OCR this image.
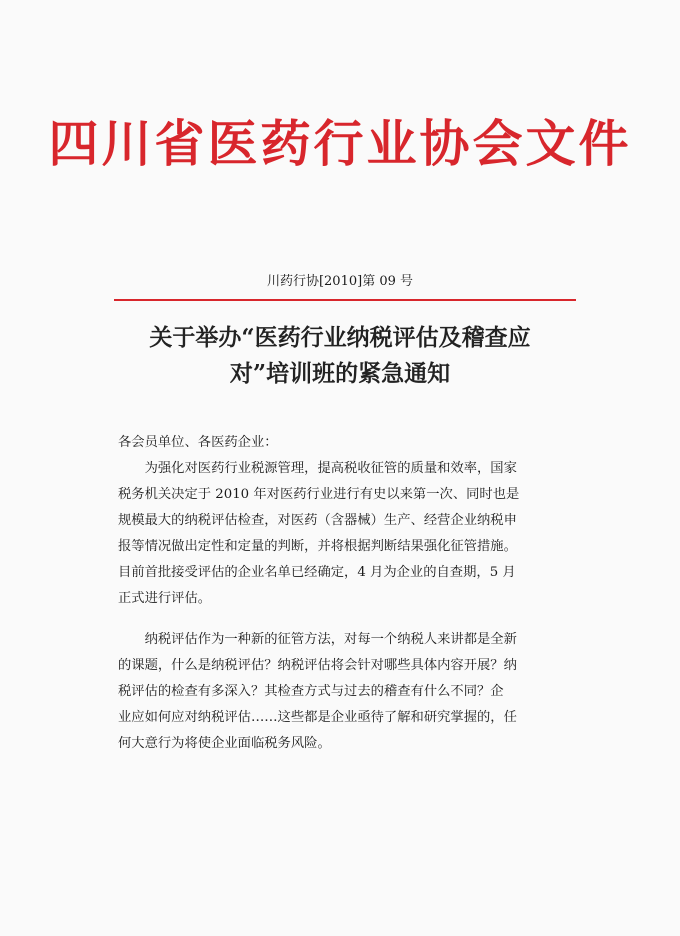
四川省医药行业协会文件
川药行协[2010]第 09 号
关于举办“医药行业纳税评估及稽查应
对”培训班的紧急通知

各会员单位、各医药企业：

为强化对医药行业税源管理，提高税收征管的质量和效率，国家
税务机关决定于 2010 年对医药行业进行有史以来第一次、同时也是
规模最大的纳税评估检查，对医药（含器械）生产、经营企业纳税申
报等情况做出定性和定量的判断，并将根据判断结果强化征管措施。
目前首批接受评估的企业名单已经确定，4 月为企业的自查期，5 月
正式进行评估。
纳税评估作为一种新的征管方法，对每一个纳税人来讲都是全新
的课题，什么是纳税评估？纳税评估将会针对哪些具体内容开展？纳
税评估的检查有多深入？其检查方式与过去的稽查有什么不同？企
业应如何应对纳税评估……这些都是企业亟待了解和研究掌握的，任
何大意行为将使企业面临税务风险。
